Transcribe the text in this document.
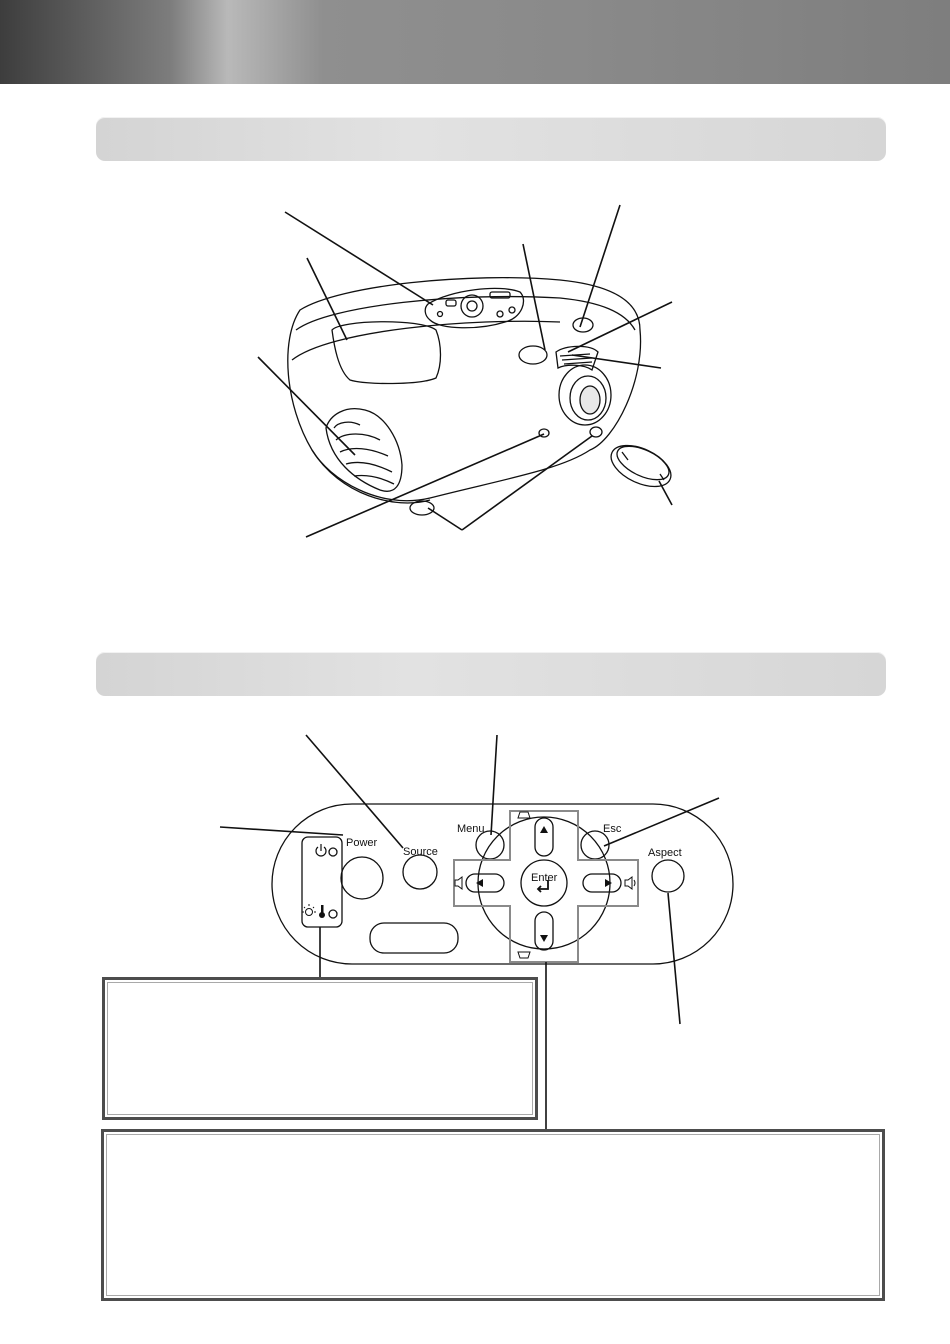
Power
Source
Menu	Esc
Aspect
Enter
